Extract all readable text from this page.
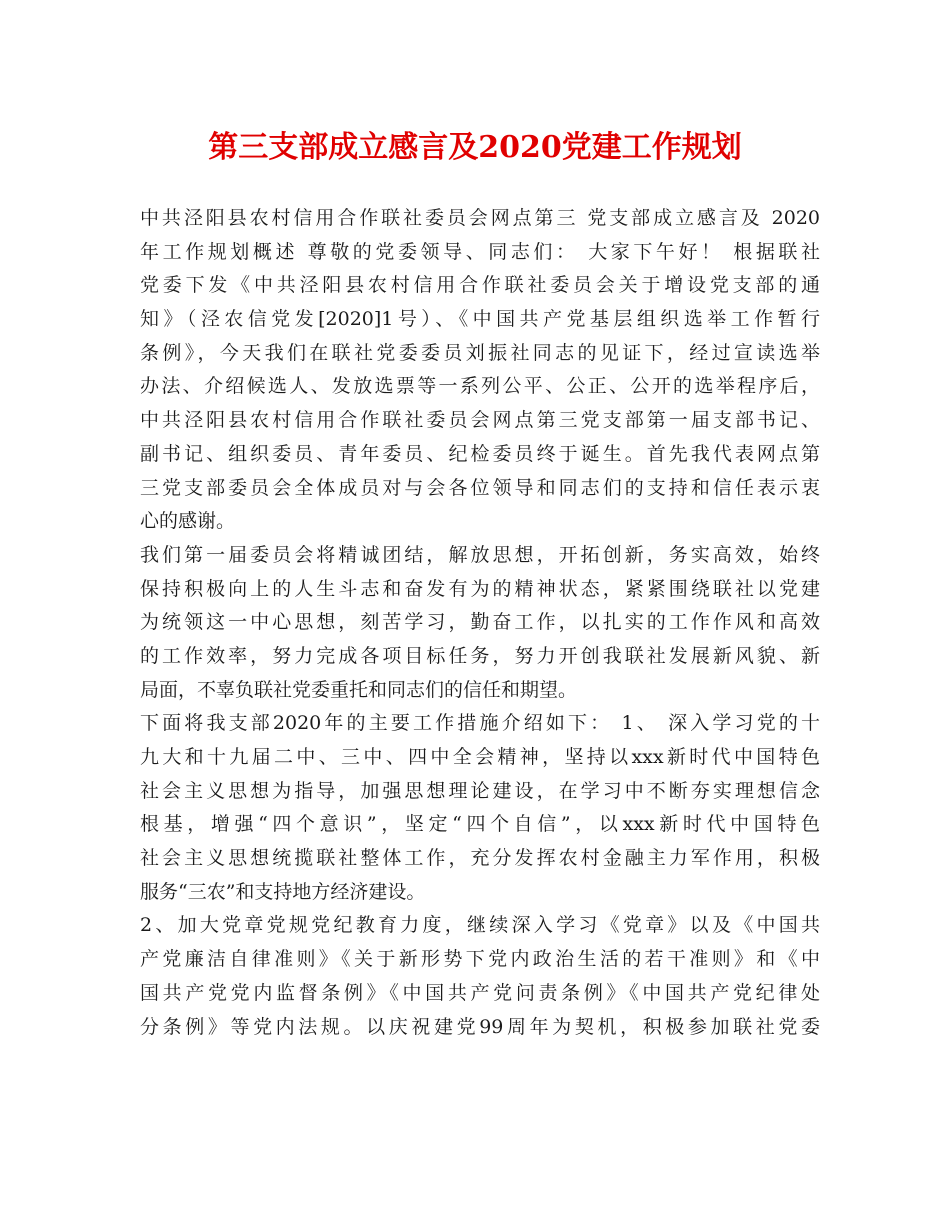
第三支部成立感言及2020党建工作规划
中共泾阳县农村信用合作联社委员会网点第三 党支部成立感言及 2020
年工作规划概述 尊敬的党委领导、同志们： 大家下午好！ 根据联社
党委下发《中共泾阳县农村信用合作联社委员会关于增设党支部的通
知》（泾农信党发[2020]1号）、《中国共产党基层组织选举工作暂行
条例》，今天我们在联社党委委员刘振社同志的见证下，经过宣读选举
办法、介绍候选人、发放选票等一系列公平、公正、公开的选举程序后，
中共泾阳县农村信用合作联社委员会网点第三党支部第一届支部书记、
副书记、组织委员、青年委员、纪检委员终于诞生。首先我代表网点第
三党支部委员会全体成员对与会各位领导和同志们的支持和信任表示衷
心的感谢。
我们第一届委员会将精诚团结，解放思想，开拓创新，务实高效，始终
保持积极向上的人生斗志和奋发有为的精神状态，紧紧围绕联社以党建
为统领这一中心思想，刻苦学习，勤奋工作，以扎实的工作作风和高效
的工作效率，努力完成各项目标任务，努力开创我联社发展新风貌、新
局面，不辜负联社党委重托和同志们的信任和期望。
下面将我支部2020年的主要工作措施介绍如下： 1、 深入学习党的十
九大和十九届二中、三中、四中全会精神，坚持以xxx新时代中国特色
社会主义思想为指导，加强思想理论建设，在学习中不断夯实理想信念
根基，增强“四个意识”，坚定“四个自信”，以xxx新时代中国特色
社会主义思想统揽联社整体工作，充分发挥农村金融主力军作用，积极
服务“三农”和支持地方经济建设。
2、加大党章党规党纪教育力度，继续深入学习《党章》以及《中国共
产党廉洁自律准则》《关于新形势下党内政治生活的若干准则》和《中
国共产党党内监督条例》《中国共产党问责条例》《中国共产党纪律处
分条例》等党内法规。以庆祝建党99周年为契机，积极参加联社党委
